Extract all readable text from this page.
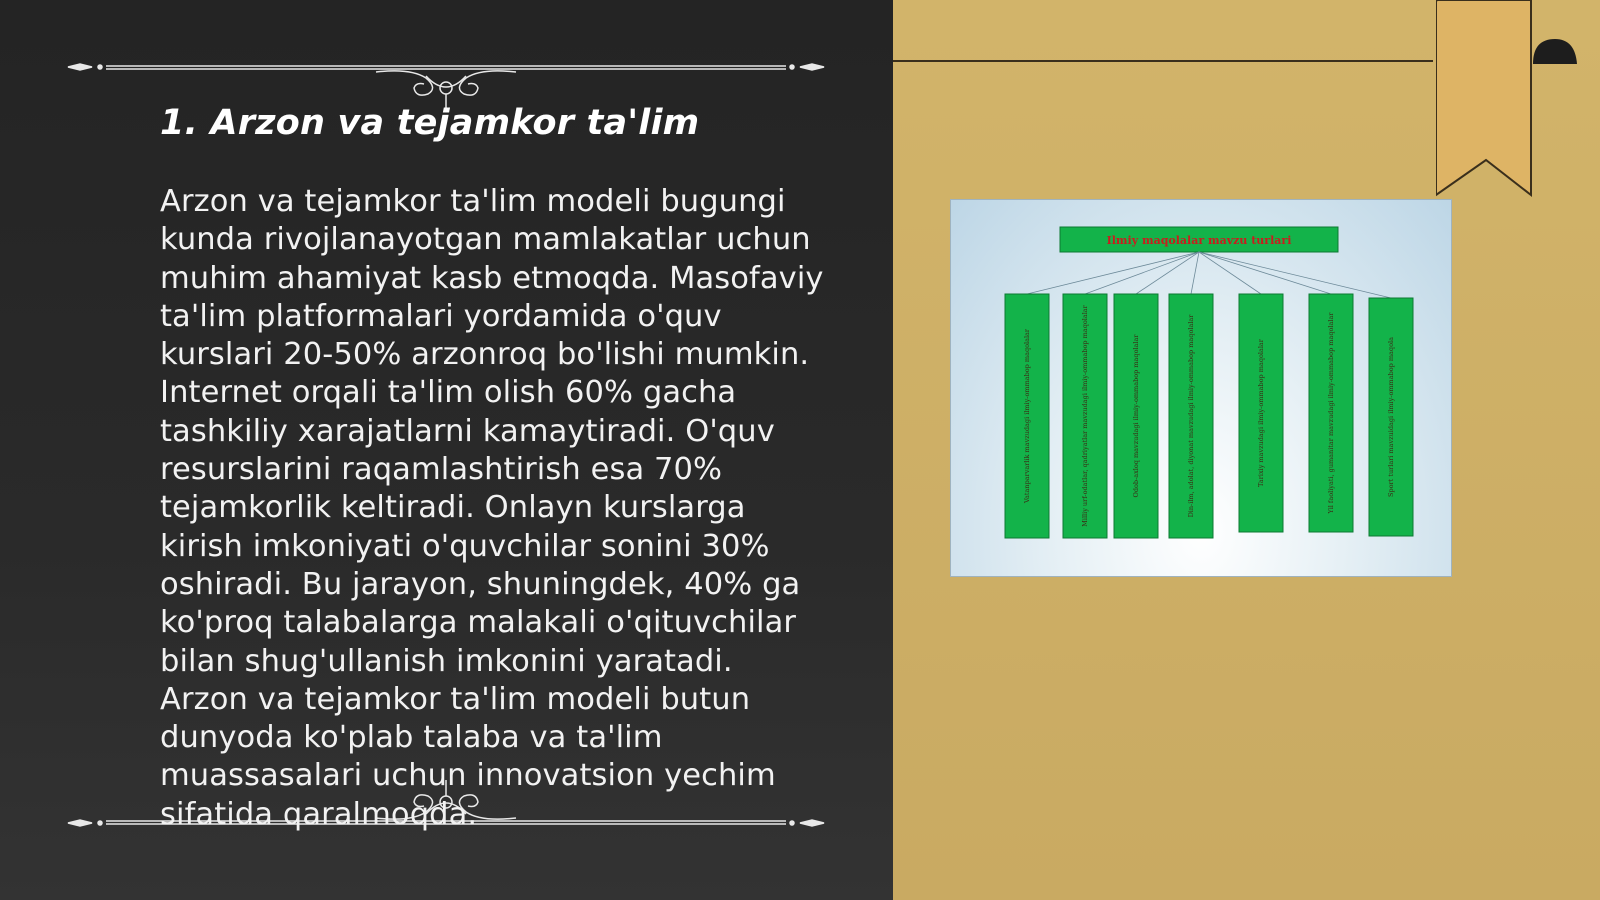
1. Arzon va tejamkor ta'lim

Arzon va tejamkor ta'lim modeli bugungi kunda rivojlanayotgan mamlakatlar uchun muhim ahamiyat kasb etmoqda. Masofaviy ta'lim platformalari yordamida o'quv kurslari 20-50% arzonroq bo'lishi mumkin. Internet orqali ta'lim olish 60% gacha tashkiliy xarajatlarni kamaytiradi. O'quv resurslarini raqamlashtirish esa 70% tejamkorlik keltiradi. Onlayn kurslarga kirish imkoniyati o'quvchilar sonini 30% oshiradi. Bu jarayon, shuningdek, 40% ga ko'proq talabalarga malakali o'qituvchilar bilan shug'ullanish imkonini yaratadi. Arzon va tejamkor ta'lim modeli butun dunyoda ko'plab talaba va ta'lim muassasalari uchun innovatsion yechim sifatida qaralmoqda.

Ilmiy maqolalar mavzu turlari
Vatanparvarlik mavzudagi ilmiy-ommabop maqolalar	Milliy urf-odatlar, qadriyatlar mavzudagi ilmiy-ommabop maqolalar	Odob-axloq mavzudagi ilmiy-ommabop maqolalar	Din-ilm, adolat, diyonat mavzudagi ilmiy-ommabop maqolalar	Tarixiy mavzudagi ilmiy-ommabop maqolalar	Yil faoliyati, gumanitar mavzudagi ilmiy-ommabop maqolalar	Sport turlari mavzuidagi ilmiy-ommabop maqola
